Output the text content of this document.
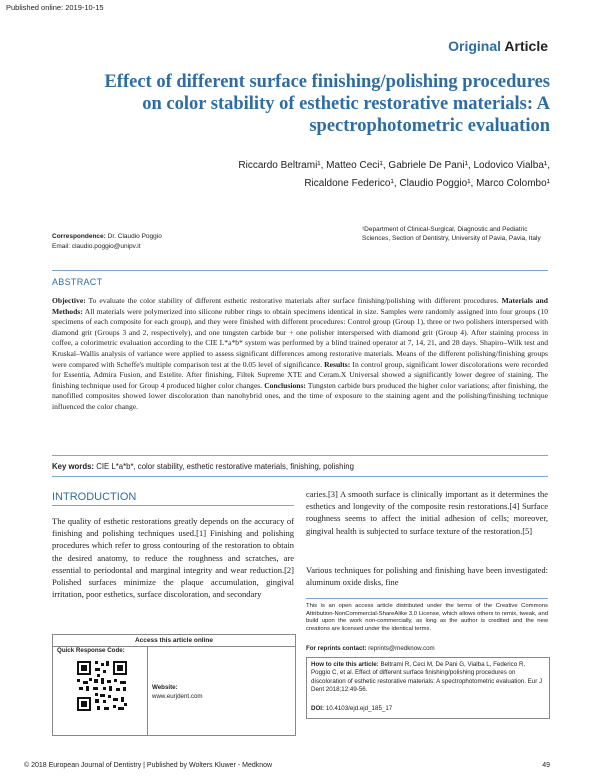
Published online: 2019-10-15
Original Article
Effect of different surface finishing/polishing procedures on color stability of esthetic restorative materials: A spectrophotometric evaluation
Riccardo Beltrami¹, Matteo Ceci¹, Gabriele De Pani¹, Lodovico Vialba¹,
Ricaldone Federico¹, Claudio Poggio¹, Marco Colombo¹
Correspondence: Dr. Claudio Poggio
Email: claudio.poggio@unipv.it
¹Department of Clinical-Surgical, Diagnostic and Pediatric Sciences, Section of Dentistry, University of Pavia, Pavia, Italy
ABSTRACT
Objective: To evaluate the color stability of different esthetic restorative materials after surface finishing/polishing with different procedures. Materials and Methods: All materials were polymerized into silicone rubber rings to obtain specimens identical in size. Samples were randomly assigned into four groups (10 specimens of each composite for each group), and they were finished with different procedures: Control group (Group 1), three or two polishers interspersed with diamond grit (Groups 3 and 2, respectively), and one tungsten carbide bur + one polisher interspersed with diamond grit (Group 4). After staining process in coffee, a colorimetric evaluation according to the CIE L*a*b* system was performed by a blind trained operator at 7, 14, 21, and 28 days. Shapiro–Wilk test and Kruskal–Wallis analysis of variance were applied to assess significant differences among restorative materials. Means of the different polishing/finishing groups were compared with Scheffe's multiple comparison test at the 0.05 level of significance. Results: In control group, significant lower discolorations were recorded for Essentia, Admira Fusion, and Estelite. After finishing, Filtek Supreme XTE and Ceram.X Universal showed a significantly lower degree of staining. The finishing technique used for Group 4 produced higher color changes. Conclusions: Tungsten carbide burs produced the higher color variations; after finishing, the nanofilled composites showed lower discoloration than nanohybrid ones, and the time of exposure to the staining agent and the polishing/finishing technique influenced the color change.
Key words: CIE L*a*b*, color stability, esthetic restorative materials, finishing, polishing
INTRODUCTION
The quality of esthetic restorations greatly depends on the accuracy of finishing and polishing techniques used.[1] Finishing and polishing procedures which refer to gross contouring of the restoration to obtain the desired anatomy, to reduce the roughness and scratches, are essential to periodontal and marginal integrity and wear reduction.[2] Polished surfaces minimize the plaque accumulation, gingival irritation, poor esthetics, surface discoloration, and secondary
caries.[3] A smooth surface is clinically important as it determines the esthetics and longevity of the composite resin restorations.[4] Surface roughness seems to affect the initial adhesion of cells; moreover, gingival health is subjected to surface texture of the restoration.[5]
Various techniques for polishing and finishing have been investigated: aluminum oxide disks, fine
Access this article online
Quick Response Code:
Website:
www.eurjdent.com
This is an open access article distributed under the terms of the Creative Commons Attribution-NonCommercial-ShareAlike 3.0 License, which allows others to remix, tweak, and build upon the work non-commercially, as long as the author is credited and the new creations are licensed under the identical terms.
For reprints contact: reprints@medknow.com
How to cite this article: Beltrami R, Ceci M, De Pani G, Vialba L, Federico R, Poggio C, et al. Effect of different surface finishing/polishing procedures on discoloration of esthetic restorative materials: A spectrophotometric evaluation. Eur J Dent 2018;12:49-56.
DOI: 10.4103/ejd.ejd_185_17
© 2018 European Journal of Dentistry | Published by Wolters Kluwer - Medknow	49
